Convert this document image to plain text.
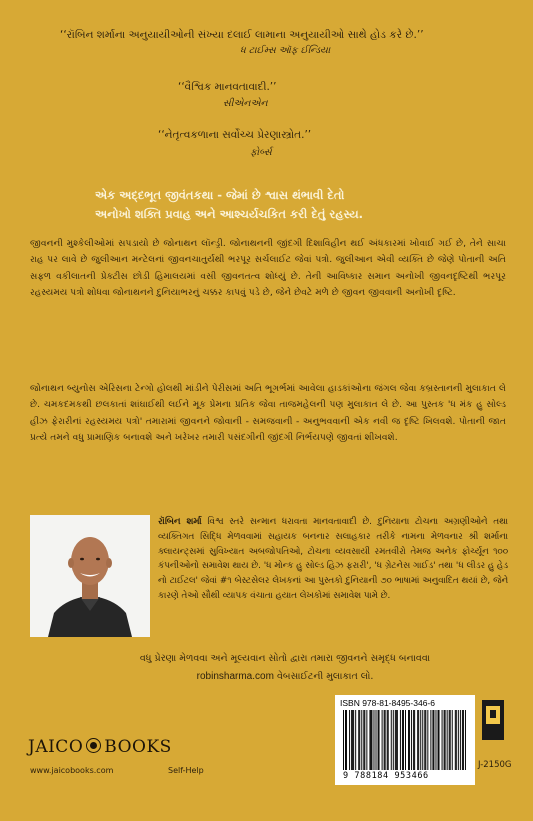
‘‘રૉબિન શર્માના અનુયાયીઓની સંખ્યા દલાઈ લામાના અનુયાયીઓ સાથે હોડ કરે છે.’’
ધ ટાઈમ્સ ઑફ ઈન્ડિયા
‘‘વૈશ્વિક માનવતાવાદી.’’
સીએનએન
‘‘નેતૃત્વકળાના સર્વોચ્ચ પ્રેરણાસ્ત્રોત.’’
ફોર્બ્સ
એક અદ્દભૂત જીવંતકથા - જેમાં છે શ્વાસ થંભાવી દેતો
અનોખો શક્તિ પ્રવાહ અને આશ્ચર્યચકિત કરી દેતું રહસ્ય.
જીવનની મુશ્કેલીઓમાં સપડાયો છે જોનાથન લૉન્ડ્રી. જોનાથનની જીંદગી દિશાવિહીન થઈ અંધકારમાં ખોવાઈ ગઈ છે, તેને સાચા રાહ પર લાવે છે જુલીઆન મન્ટેલનાં જીવનચાતુર્યથી ભરપૂર સર્ચલાઈટ જેવાં પત્રો. જુલીઆન એવી વ્યક્તિ છે જેણે પોતાની અતિ સફળ વકીલાતની પ્રેક્ટીસ છોડી હિમાલયમાં વસી જીવનતત્વ શોધ્યું છે. તેની આવિષ્કાર સમાન અનોખી જીવનદૃષ્ટિથી ભરપૂર રહસ્યમય પત્રો શોધવા જોનાથનને દુનિયાભરનું ચક્કર કાપવું પડે છે, જેને છેવટે મળે છે જીવન જીવવાની અનોખી દૃષ્ટિ.
જોનાથન બ્યુનોસ એરિસના ટેન્ગો હોલથી માંડીને પેરીસમાં અતિ ભૂગર્ભમાં આવેલા હાડકાંઓના જંગલ જેવા કબ્રસ્તાનની મુલાકાત લે છે. ચમકદમકથી છલકાતાં શાંઘાઈથી લઈને મૂક પ્રેમના પ્રતિક જેવા તાજમહેલની પણ મુલાકાત લે છે. આ પુસ્તક 'ધ મંક હુ સોલ્ડ હીઝ ફેરારીનાં રહસ્યમય પત્રો' તમારામાં જીવનને જોવાની - સમજવાની - અનુભવવાની એક નવી જ દૃષ્ટિ ખિલવશે. પોતાની જાત પ્રત્યે તમને વધુ પ્રામાણિક બનાવશે અને ખરેખર તમારી પસંદગીની જીંદગી નિર્ભયપણે જીવતાં શીખવશે.
રૉબિન શર્મા વિશ્વ સ્તરે સન્માન ધરાવતા માનવતાવાદી છે. દુનિયાના ટોચના અગ્રણીઓને તથા વ્યક્તિગત સિદ્ધિ મેળવવામાં સહાયક બનનાર સલાહકાર તરીકે નામના મેળવનાર શ્રી શર્માના ક્લાયન્ટ્સમાં સુવિખ્યાત અબજોપતિઓ, ટોચના વ્યવસાયી રમતવીરો તેમજ અનેક ફોર્ચ્યૂન ૧૦૦ કંપનીઓનો સમાવેશ થાય છે. 'ધ મોન્ક હુ સોલ્ડ હિઝ ફરારી', 'ધ ગ્રેટનેસ ગાઈડ' તથા 'ધ લીડર હુ હેડ નો ટાઈટલ' જેવાં #૧ બેસ્ટસેલર લેખકનાં આ પુસ્તકો દુનિયાની ૭૦ ભાષામાં અનુવાદિત થયાં છે, જેને કારણે તેઓ સૌથી વ્યાપક વંચાતા હયાત લેખકોમાં સમાવેશ પામે છે.
વધુ પ્રેરણા મેળવવા અને મૂલ્યવાન સોતો દ્વારા તમારા જીવનને સમૃદ્ધ બનાવવા
robinsharma.com વેબસાઈટની મુલાકાત લો.
JAICO BOOKS
www.jaicobooks.com	Self-Help
ISBN 978-81-8495-346-6
9 788184 953466
J-2150G
